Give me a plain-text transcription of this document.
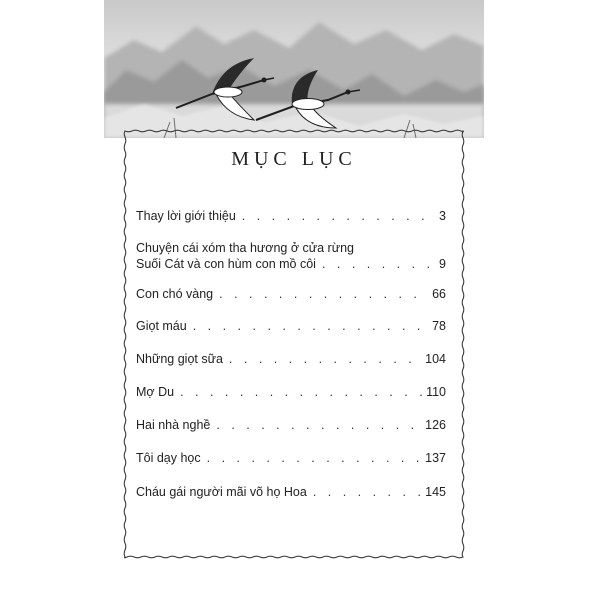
MỤC LỤC
Thay lời giới thiệu . . .	3
Chuyện cái xóm tha hương ở cửa rừng
Suối Cát và con hùm con mồ côi . . .	9
Con chó vàng . . .	66
Giọt máu . . .	78
Những giọt sữa . . .	104
Mợ Du . . .	110
Hai nhà nghề . . .	126
Tôi dạy học . . .	137
Cháu gái người mãi võ họ Hoa . . .	145
